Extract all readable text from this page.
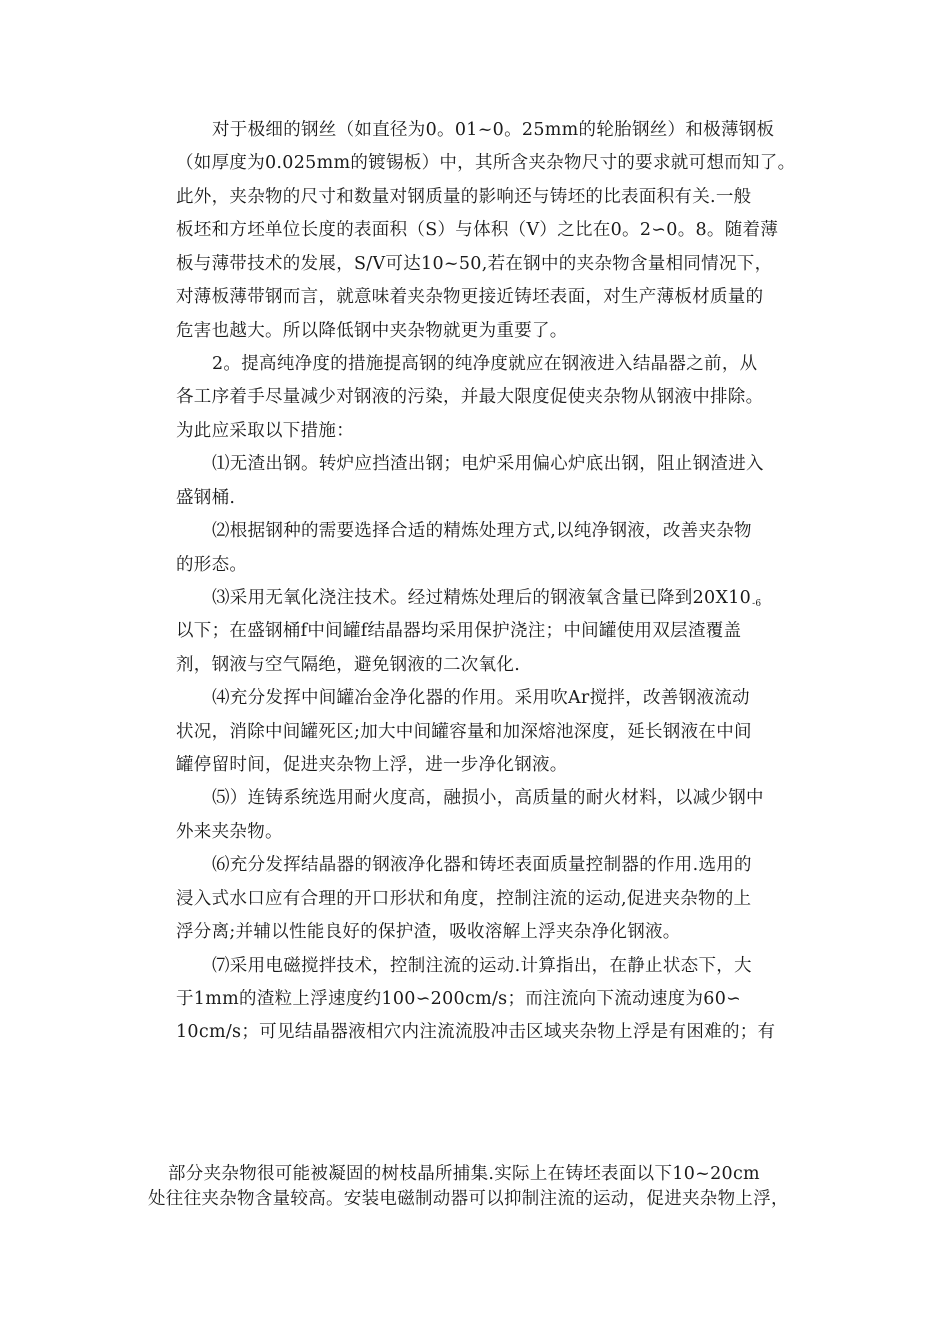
对于极细的钢丝（如直径为0。01~0。25mm的轮胎钢丝）和极薄钢板
（如厚度为0.025mm的镀锡板）中，其所含夹杂物尺寸的要求就可想而知了。
此外，夹杂物的尺寸和数量对钢质量的影响还与铸坯的比表面积有关.一般
板坯和方坯单位长度的表面积（S）与体积（V）之比在0。2∽0。8。随着薄
板与薄带技术的发展，S/V可达10~50,若在钢中的夹杂物含量相同情况下，
对薄板薄带钢而言，就意味着夹杂物更接近铸坯表面，对生产薄板材质量的
危害也越大。所以降低钢中夹杂物就更为重要了。
2。提高纯净度的措施提高钢的纯净度就应在钢液进入结晶器之前，从
各工序着手尽量减少对钢液的污染，并最大限度促使夹杂物从钢液中排除。
为此应采取以下措施：
⑴无渣出钢。转炉应挡渣出钢；电炉采用偏心炉底出钢，阻止钢渣进入
盛钢桶.
⑵根据钢种的需要选择合适的精炼处理方式,以纯净钢液，改善夹杂物
的形态。
⑶采用无氧化浇注技术。经过精炼处理后的钢液氧含量已降到$20X10_{-6}$
以下；在盛钢桶f中间罐f结晶器均采用保护浇注；中间罐使用双层渣覆盖
剂，钢液与空气隔绝，避免钢液的二次氧化.
⑷充分发挥中间罐冶金净化器的作用。采用吹Ar搅拌，改善钢液流动
状况，消除中间罐死区;加大中间罐容量和加深熔池深度，延长钢液在中间
罐停留时间，促进夹杂物上浮，进一步净化钢液。
⑸）连铸系统选用耐火度高，融损小，高质量的耐火材料，以减少钢中
外来夹杂物。
⑹充分发挥结晶器的钢液净化器和铸坯表面质量控制器的作用.选用的
浸入式水口应有合理的开口形状和角度，控制注流的运动,促进夹杂物的上
浮分离;并辅以性能良好的保护渣，吸收溶解上浮夹杂净化钢液。
⑺采用电磁搅拌技术，控制注流的运动.计算指出，在静止状态下，大
于1mm的渣粒上浮速度约100∽200cm/s；而注流向下流动速度为60∽
10cm/s；可见结晶器液相穴内注流流股冲击区域夹杂物上浮是有困难的；有
部分夹杂物很可能被凝固的树枝晶所捕集.实际上在铸坯表面以下10~20cm
处往往夹杂物含量较高。安装电磁制动器可以抑制注流的运动，促进夹杂物上浮，
